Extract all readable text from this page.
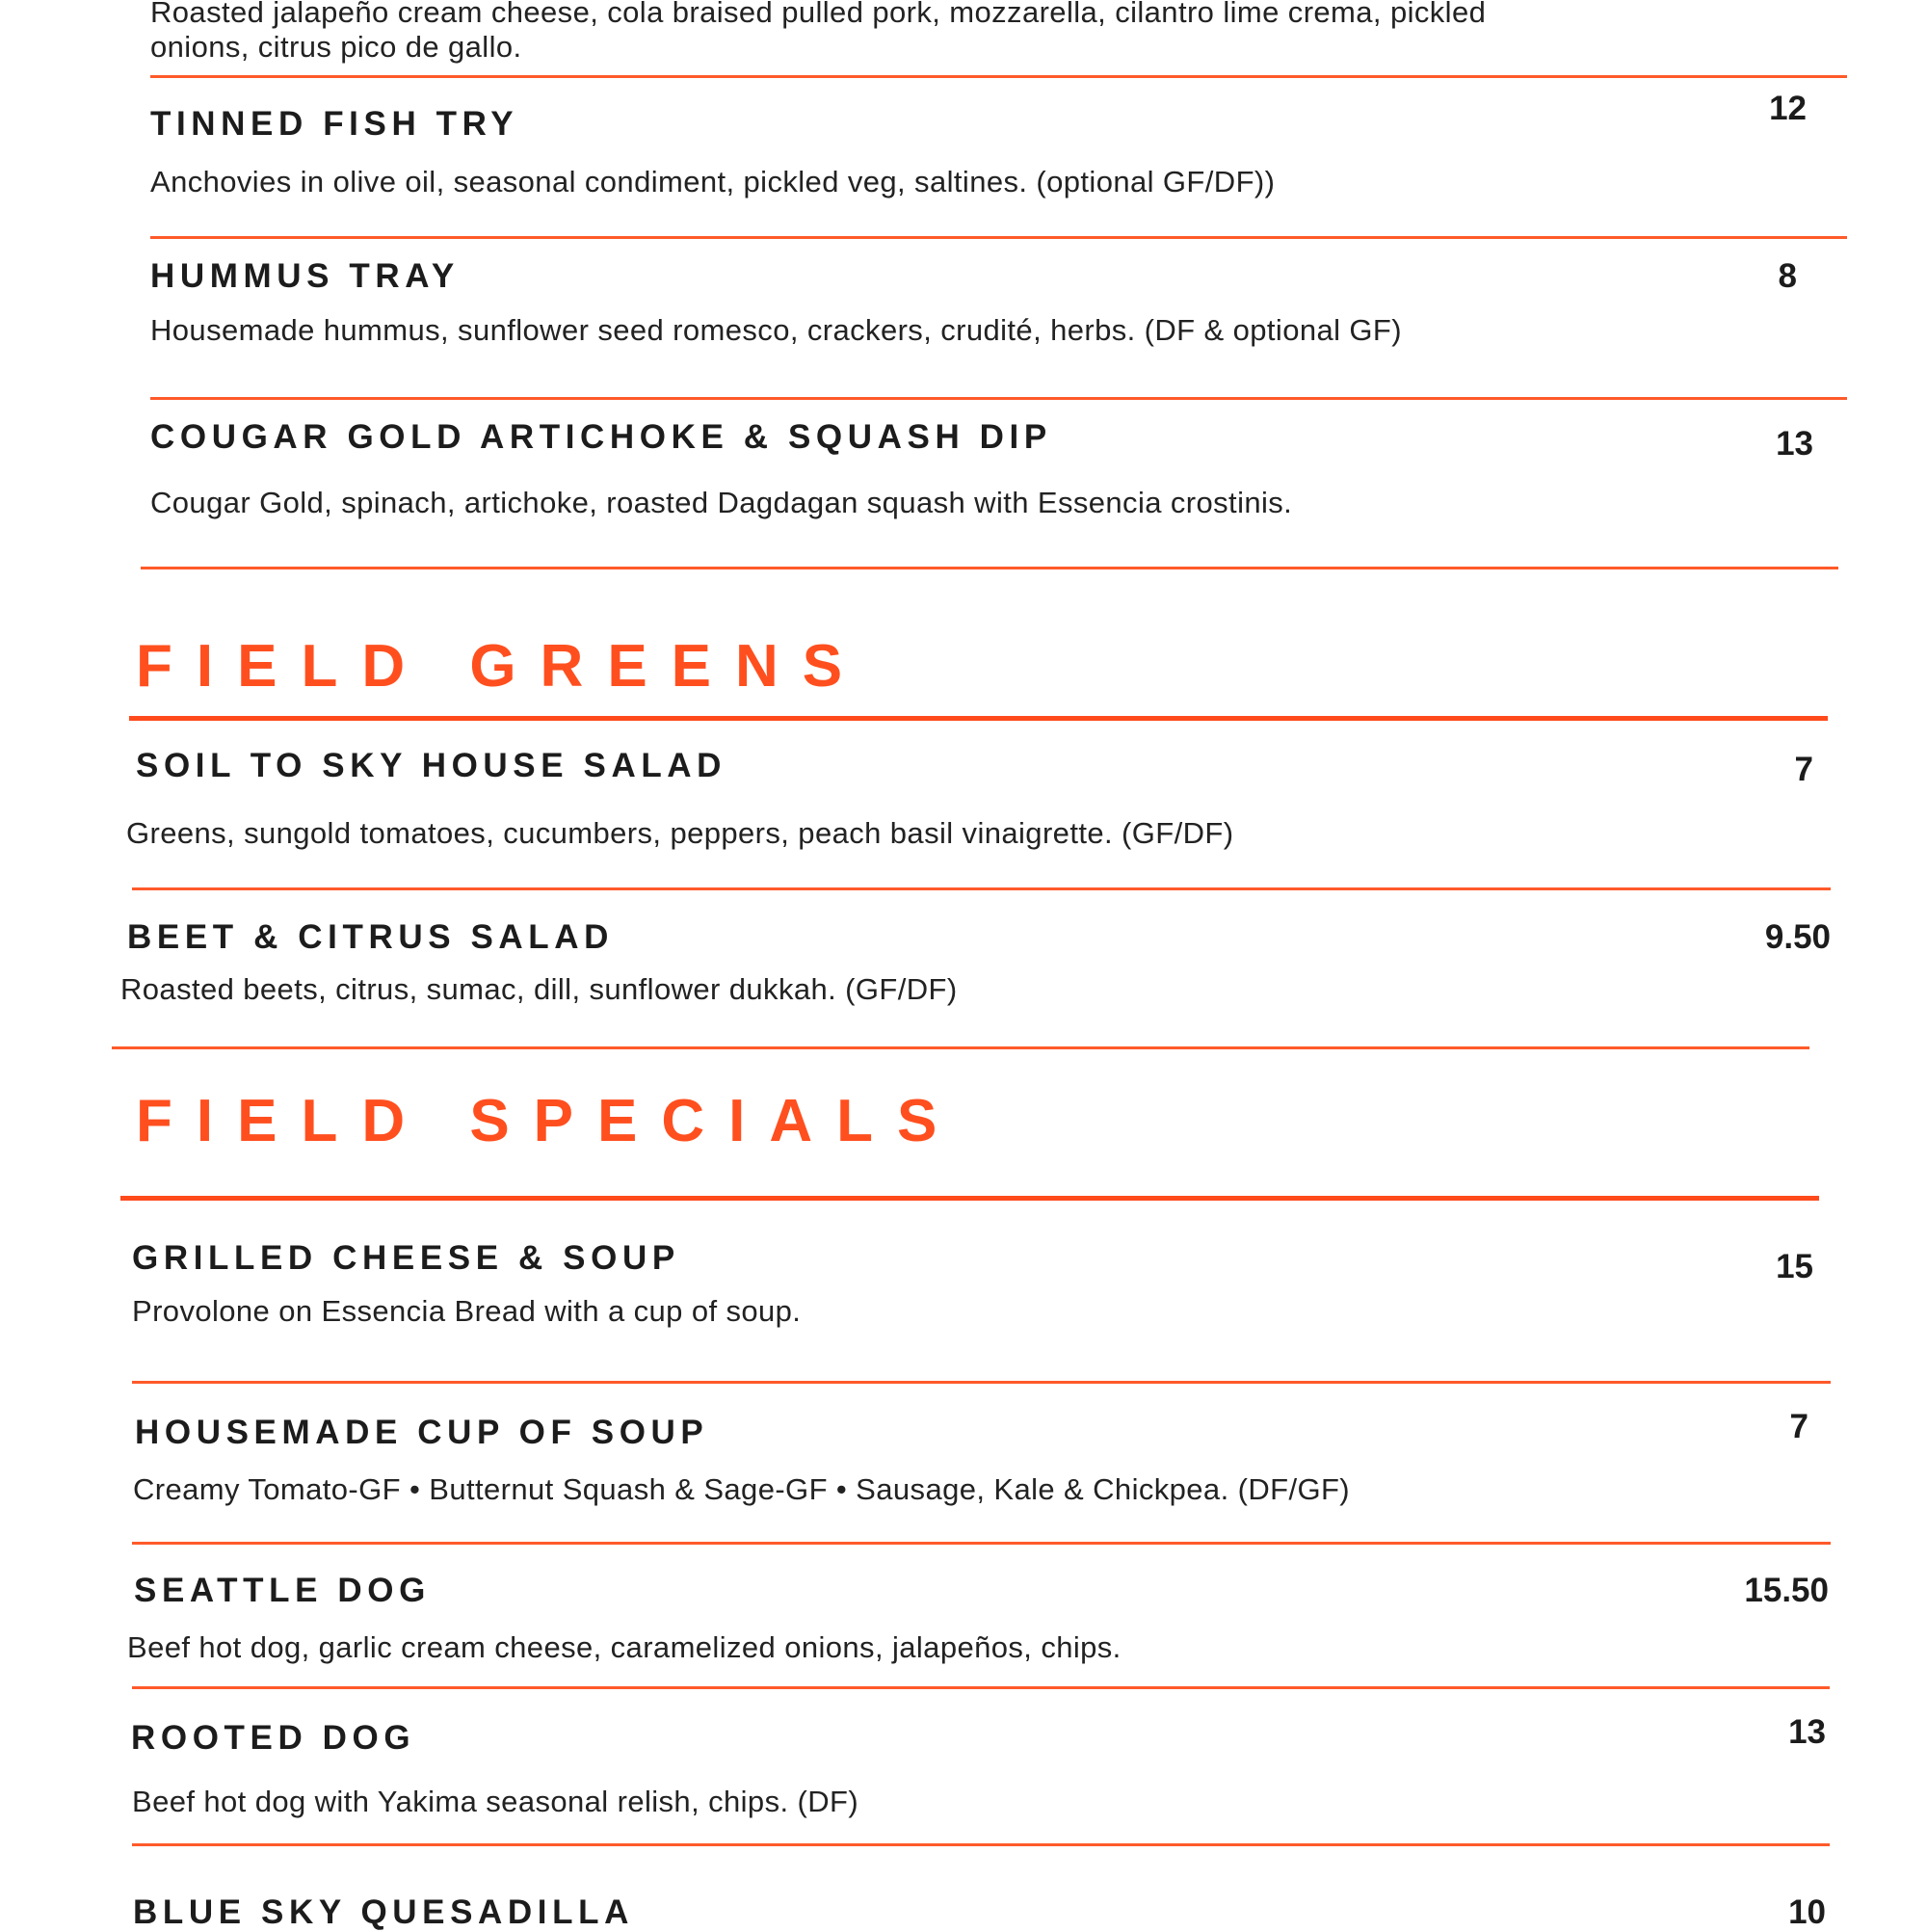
Roasted jalapeño cream cheese, cola braised pulled pork, mozzarella, cilantro lime crema, pickled
onions, citrus pico de gallo.
TINNED FISH TRY	12
Anchovies in olive oil, seasonal condiment, pickled veg, saltines. (optional GF/DF))
HUMMUS TRAY	8
Housemade hummus, sunflower seed romesco, crackers, crudité, herbs. (DF & optional GF)
COUGAR GOLD ARTICHOKE & SQUASH DIP	13
Cougar Gold, spinach, artichoke, roasted Dagdagan squash with Essencia crostinis.
FIELD GREENS
SOIL TO SKY HOUSE SALAD	7
Greens, sungold tomatoes, cucumbers, peppers, peach basil vinaigrette. (GF/DF)
BEET & CITRUS SALAD	9.50
Roasted beets, citrus, sumac, dill, sunflower dukkah. (GF/DF)
FIELD SPECIALS
GRILLED CHEESE & SOUP	15
Provolone on Essencia Bread with a cup of soup.
HOUSEMADE CUP OF SOUP	7
Creamy Tomato-GF • Butternut Squash & Sage-GF • Sausage, Kale & Chickpea. (DF/GF)
SEATTLE DOG	15.50
Beef hot dog, garlic cream cheese, caramelized onions, jalapeños, chips.
ROOTED DOG	13
Beef hot dog with Yakima seasonal relish, chips. (DF)
BLUE SKY QUESADILLA	10
